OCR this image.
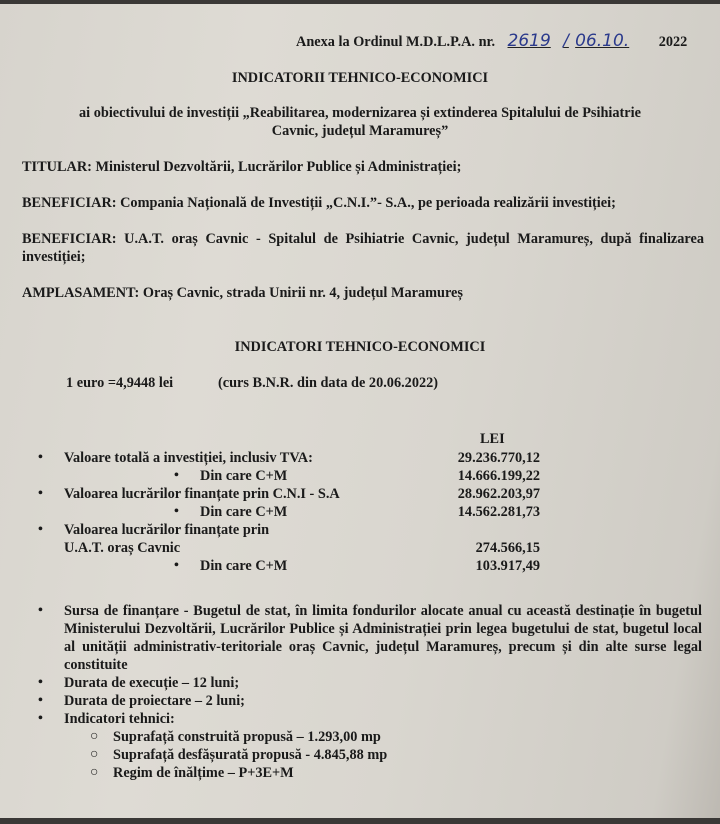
Anexa la Ordinul M.D.L.P.A. nr. 2619 / 06.10. 2022
INDICATORII TEHNICO-ECONOMICI
ai obiectivului de investiții „Reabilitarea, modernizarea și extinderea Spitalului de Psihiatrie
Cavnic, județul Maramureș”
TITULAR: Ministerul Dezvoltării, Lucrărilor Publice și Administrației;
BENEFICIAR: Compania Națională de Investiții „C.N.I.”- S.A., pe perioada realizării investiției;
BENEFICIAR: U.A.T. oraș Cavnic - Spitalul de Psihiatrie Cavnic, județul Maramureș, după finalizarea investiției;
AMPLASAMENT: Oraș Cavnic, strada Unirii nr. 4, județul Maramureș
INDICATORI TEHNICO-ECONOMICI
1 euro =4,9448 lei	(curs B.N.R. din data de 20.06.2022)
LEI
• Valoare totală a investiției, inclusiv TVA:	29.236.770,12
• Din care C+M	14.666.199,22
• Valoarea lucrărilor finanțate prin C.N.I - S.A	28.962.203,97
• Din care C+M	14.562.281,73
• Valoarea lucrărilor finanțate prin
U.A.T. oraș Cavnic	274.566,15
• Din care C+M	103.917,49
• Sursa de finanțare - Bugetul de stat, în limita fondurilor alocate anual cu această destinație în bugetul Ministerului Dezvoltării, Lucrărilor Publice și Administrației prin legea bugetului de stat, bugetul local al unității administrativ-teritoriale oraș Cavnic, județul Maramureș, precum și din alte surse legal constituite
• Durata de execuție – 12 luni;
• Durata de proiectare – 2 luni;
• Indicatori tehnici:
○ Suprafață construită propusă – 1.293,00 mp
○ Suprafață desfășurată propusă - 4.845,88 mp
○ Regim de înălțime – P+3E+M
